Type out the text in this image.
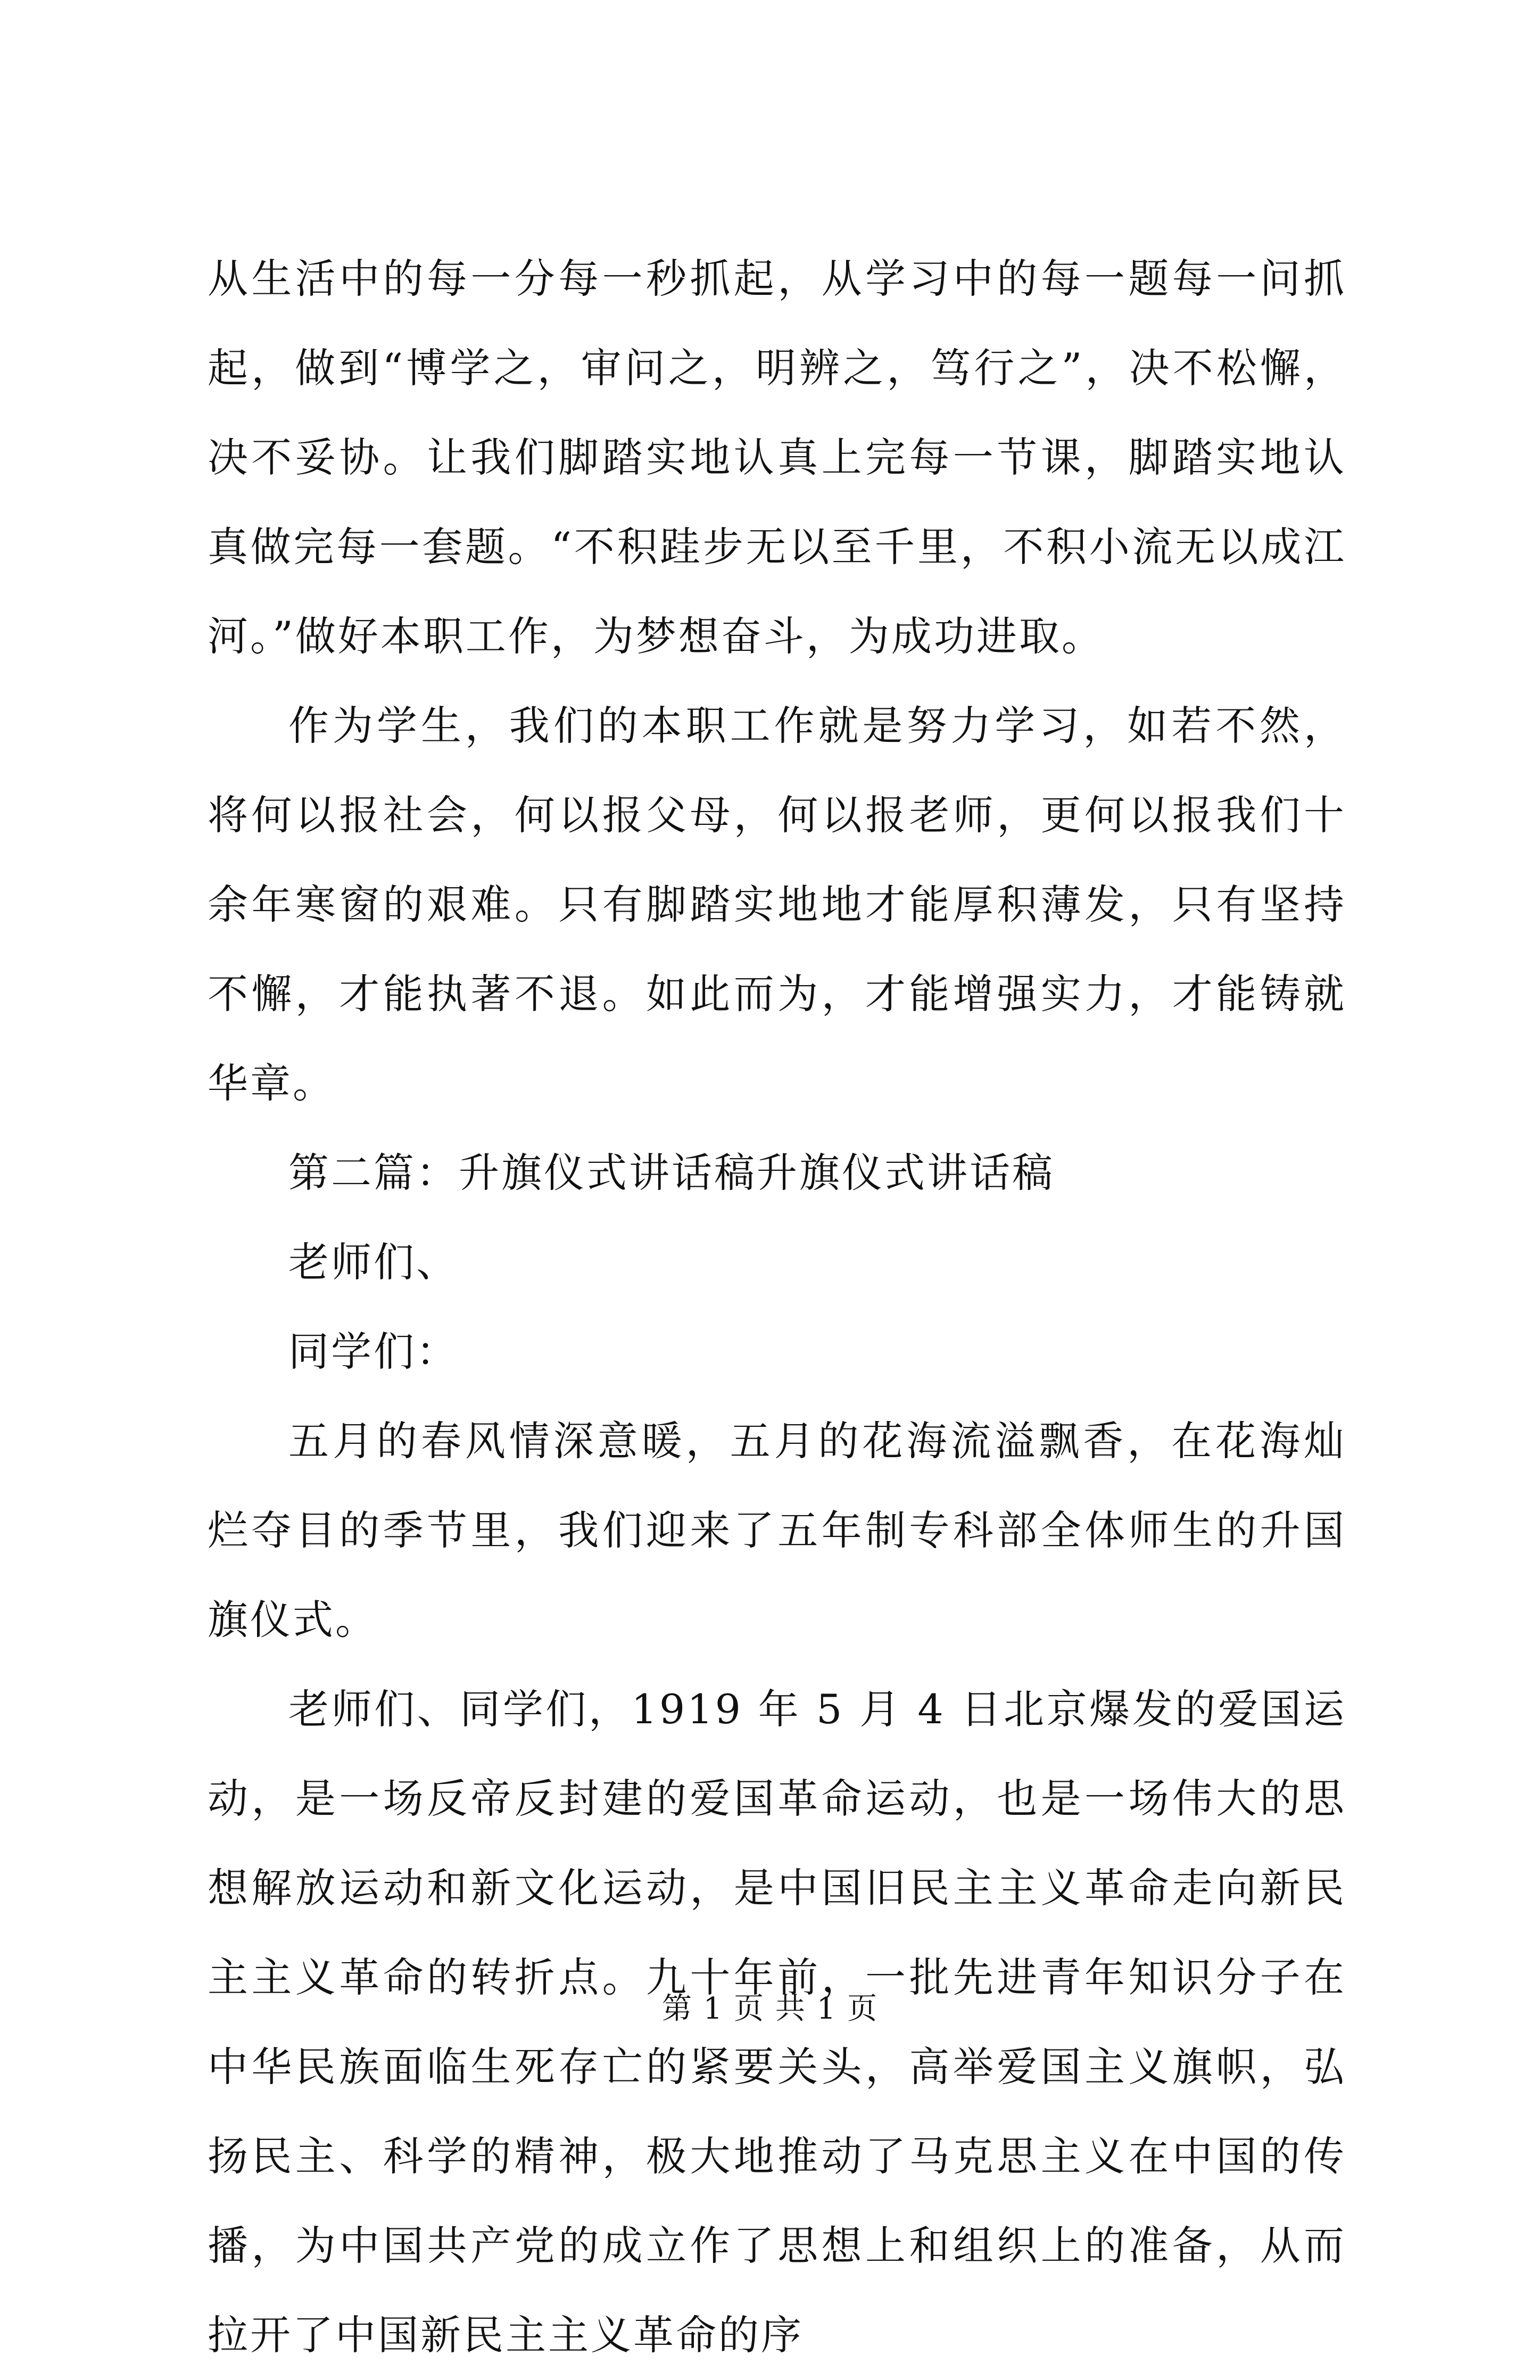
从生活中的每一分每一秒抓起，从学习中的每一题每一问抓起，做到“博学之，审问之，明辨之，笃行之”，决不松懈，决不妥协。让我们脚踏实地认真上完每一节课，脚踏实地认真做完每一套题。“不积跬步无以至千里，不积小流无以成江河。”做好本职工作，为梦想奋斗，为成功进取。

作为学生，我们的本职工作就是努力学习，如若不然，将何以报社会，何以报父母，何以报老师，更何以报我们十余年寒窗的艰难。只有脚踏实地地才能厚积薄发，只有坚持不懈，才能执著不退。如此而为，才能增强实力，才能铸就华章。

第二篇：升旗仪式讲话稿升旗仪式讲话稿

老师们、

同学们：

五月的春风情深意暖，五月的花海流溢飘香，在花海灿烂夺目的季节里，我们迎来了五年制专科部全体师生的升国旗仪式。

老师们、同学们，1919 年 5 月 4 日北京爆发的爱国运动，是一场反帝反封建的爱国革命运动，也是一场伟大的思想解放运动和新文化运动，是中国旧民主主义革命走向新民主主义革命的转折点。九十年前，一批先进青年知识分子在中华民族面临生死存亡的紧要关头，高举爱国主义旗帜，弘扬民主、科学的精神，极大地推动了马克思主义在中国的传播，为中国共产党的成立作了思想上和组织上的准备，从而拉开了中国新民主主义革命的序

第 1 页 共 1 页
